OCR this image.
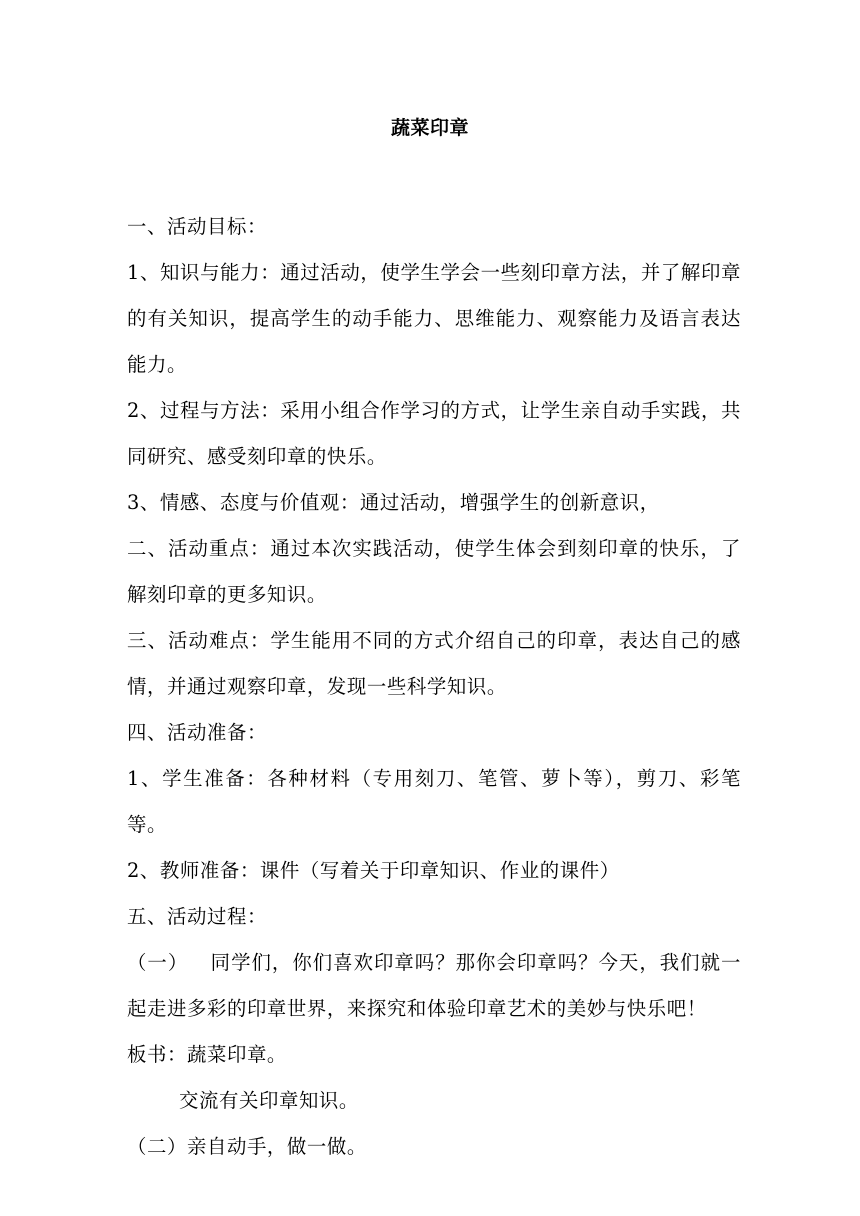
蔬菜印章

一、活动目标：

1、知识与能力：通过活动，使学生学会一些刻印章方法，并了解印章的有关知识，提高学生的动手能力、思维能力、观察能力及语言表达能力。

2、过程与方法：采用小组合作学习的方式，让学生亲自动手实践，共同研究、感受刻印章的快乐。

3、情感、态度与价值观：通过活动，增强学生的创新意识，

二、活动重点：通过本次实践活动，使学生体会到刻印章的快乐，了解刻印章的更多知识。

三、活动难点：学生能用不同的方式介绍自己的印章，表达自己的感情，并通过观察印章，发现一些科学知识。

四、活动准备：

1、学生准备：各种材料（专用刻刀、笔管、萝卜等），剪刀、彩笔等。

2、教师准备：课件（写着关于印章知识、作业的课件）

五、活动过程：

（一） 同学们，你们喜欢印章吗？那你会印章吗？今天，我们就一起走进多彩的印章世界，来探究和体验印章艺术的美妙与快乐吧！

板书：蔬菜印章。

交流有关印章知识。

（二）亲自动手，做一做。
